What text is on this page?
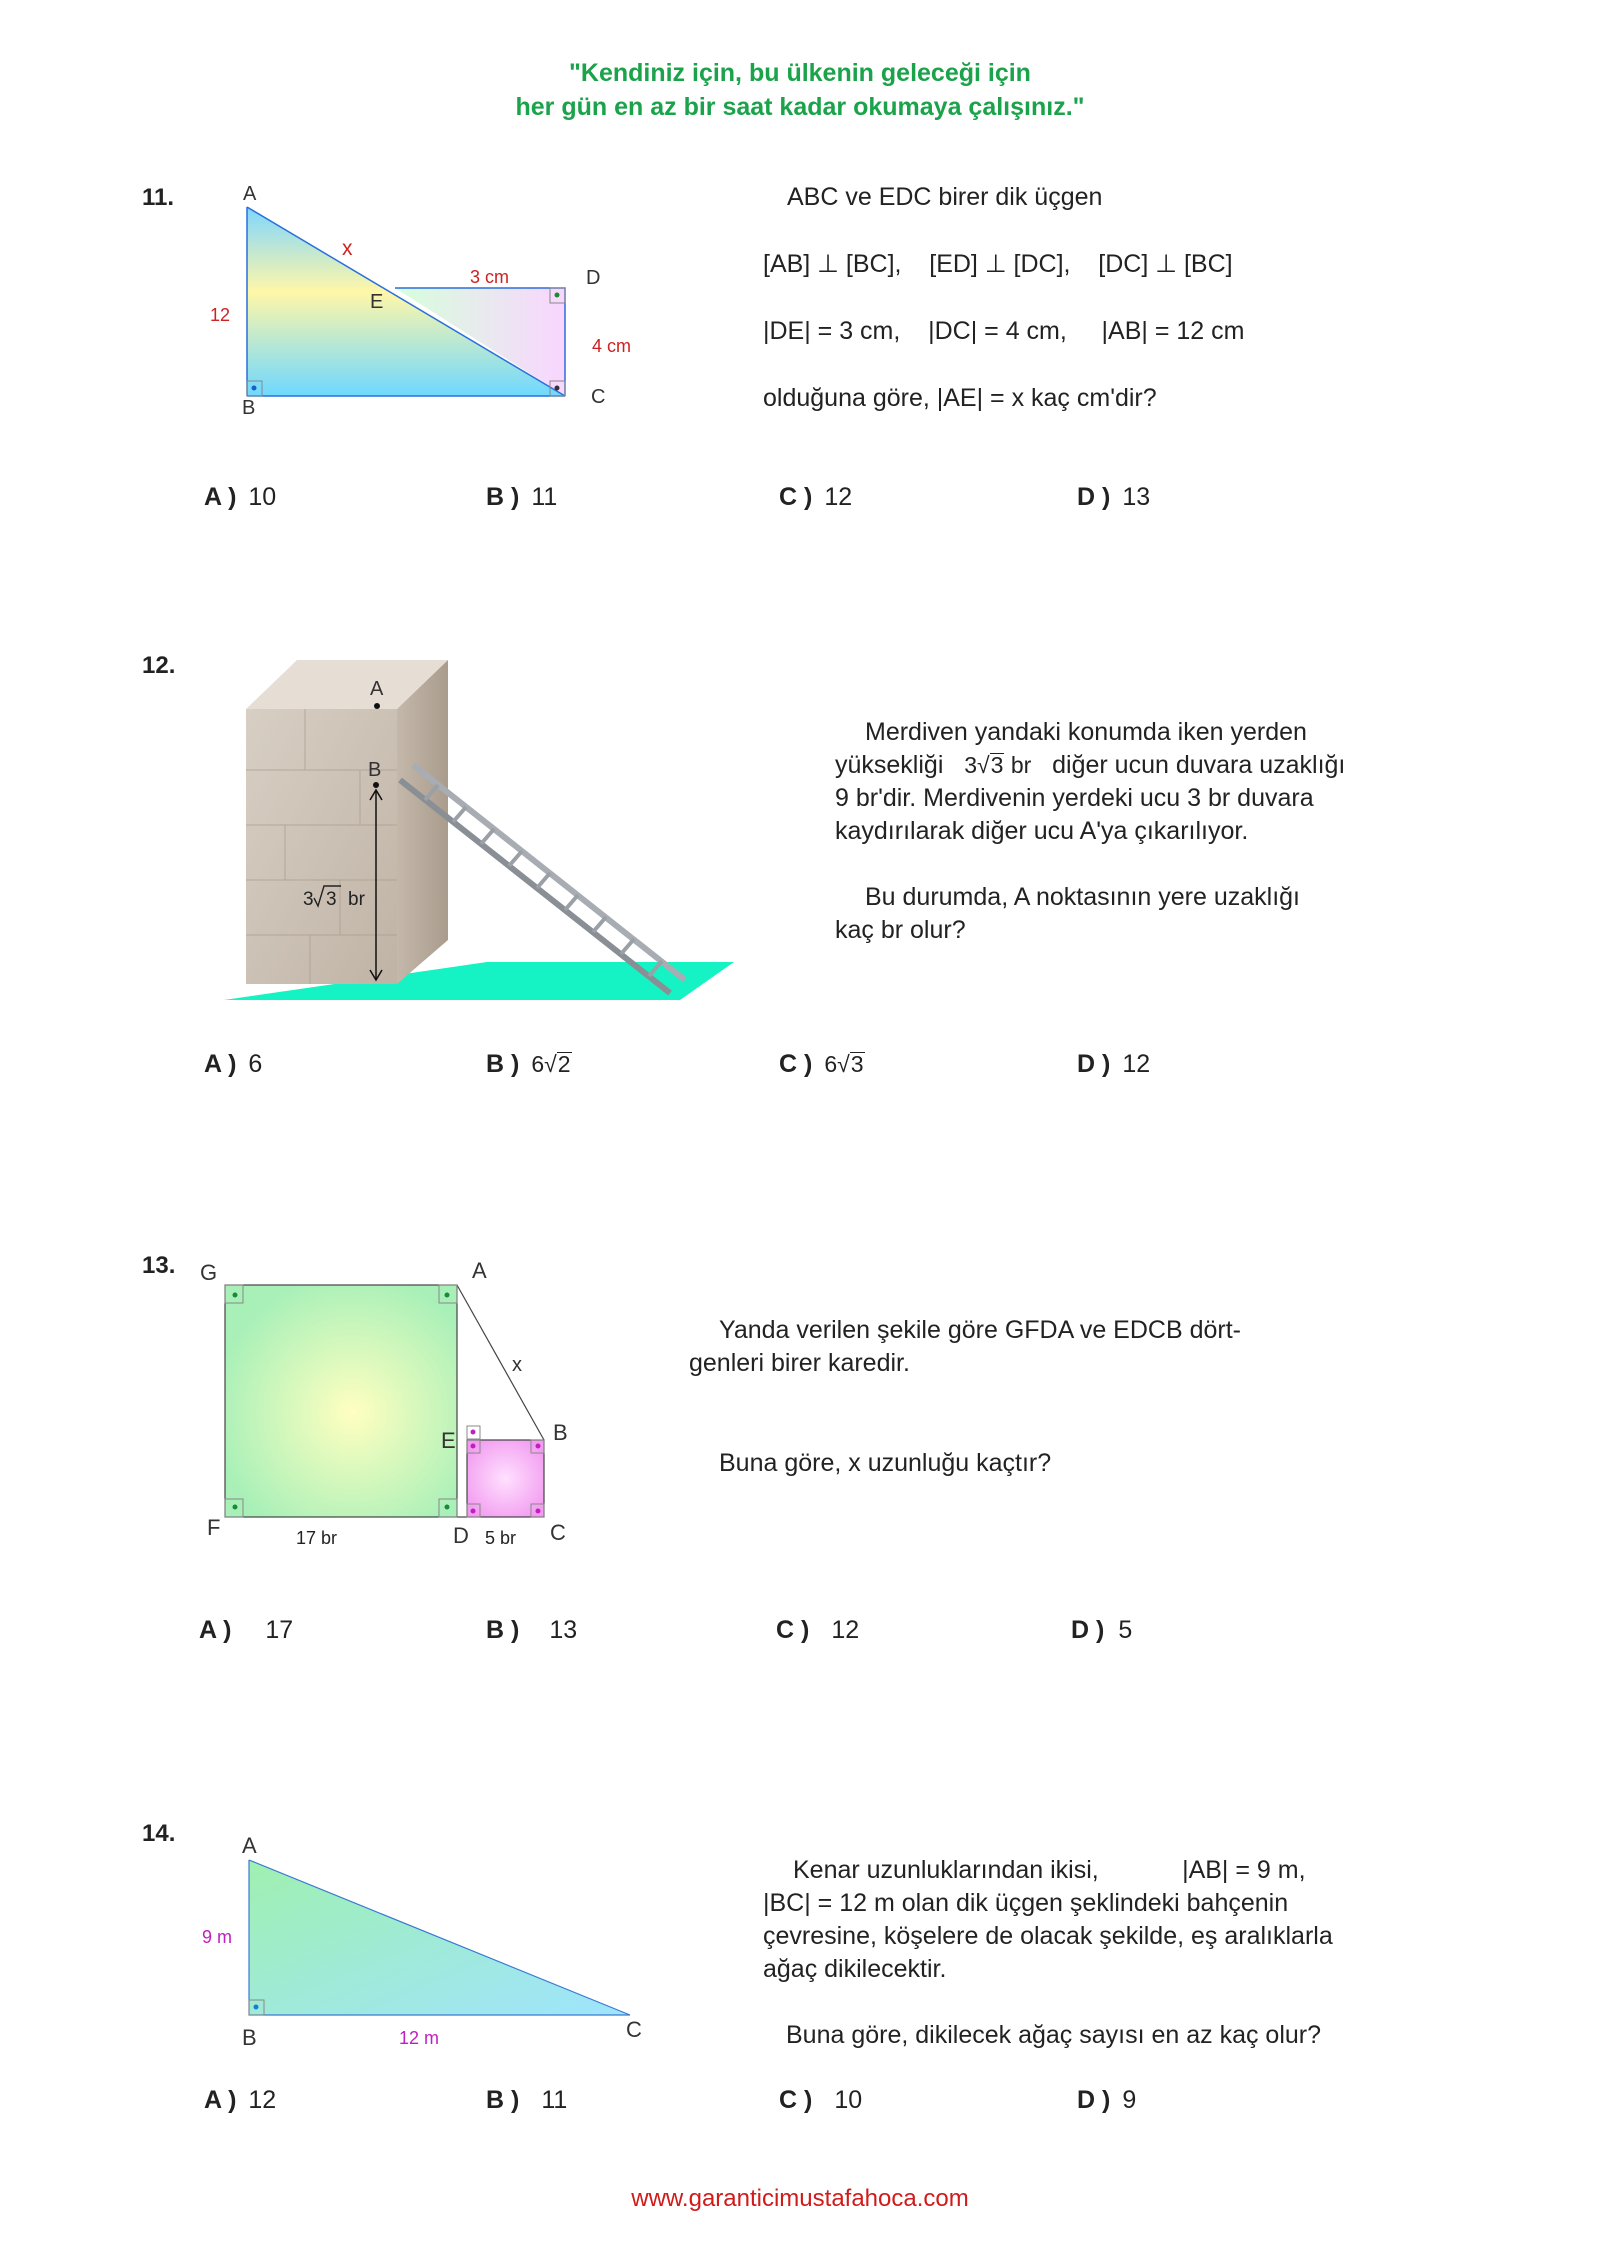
"Kendiniz için, bu ülkenin geleceği için
her gün en az bir saat kadar okumaya çalışınız."
11.	A
B	C
D
E
x
12
3 cm
4 cm
ABC ve EDC birer dik üçgen
[AB] ⊥ [BC],    [ED] ⊥ [DC],    [DC] ⊥ [BC]
|DE| = 3 cm,    |DC| = 4 cm,     |AB| = 12 cm
olduğuna göre, |AE| = x kaç cm'dir?
A ) 10	B ) 11	C ) 12	D ) 13
12.
A
B
3 3 br
Merdiven yandaki konumda iken yerden
yüksekliği 3√3 br diğer ucun duvara uzaklığı
9 br'dir. Merdivenin yerdeki ucu 3 br duvara
kaydırılarak diğer ucu A'ya çıkarılıyor.
Bu durumda, A noktasının yere uzaklığı
kaç br olur?
A ) 6	B ) 6√2	C ) 6√3	D ) 12
13. G	A
E	B
F	D	C
x
17 br	5 br
Yanda verilen şekile göre GFDA ve EDCB dört-
genleri birer karedir.
Buna göre, x uzunluğu kaçtır?
A ) 17	B ) 13	C ) 12	D ) 5
14.	A
B	C
9 m
12 m
Kenar uzunluklarından ikisi,            |AB| = 9 m,
|BC| = 12 m olan dik üçgen şeklindeki bahçenin
çevresine, köşelere de olacak şekilde, eş aralıklarla
ağaç dikilecektir.
Buna göre, dikilecek ağaç sayısı en az kaç olur?
A ) 12	B ) 11	C ) 10	D ) 9
www.garanticimustafahoca.com
